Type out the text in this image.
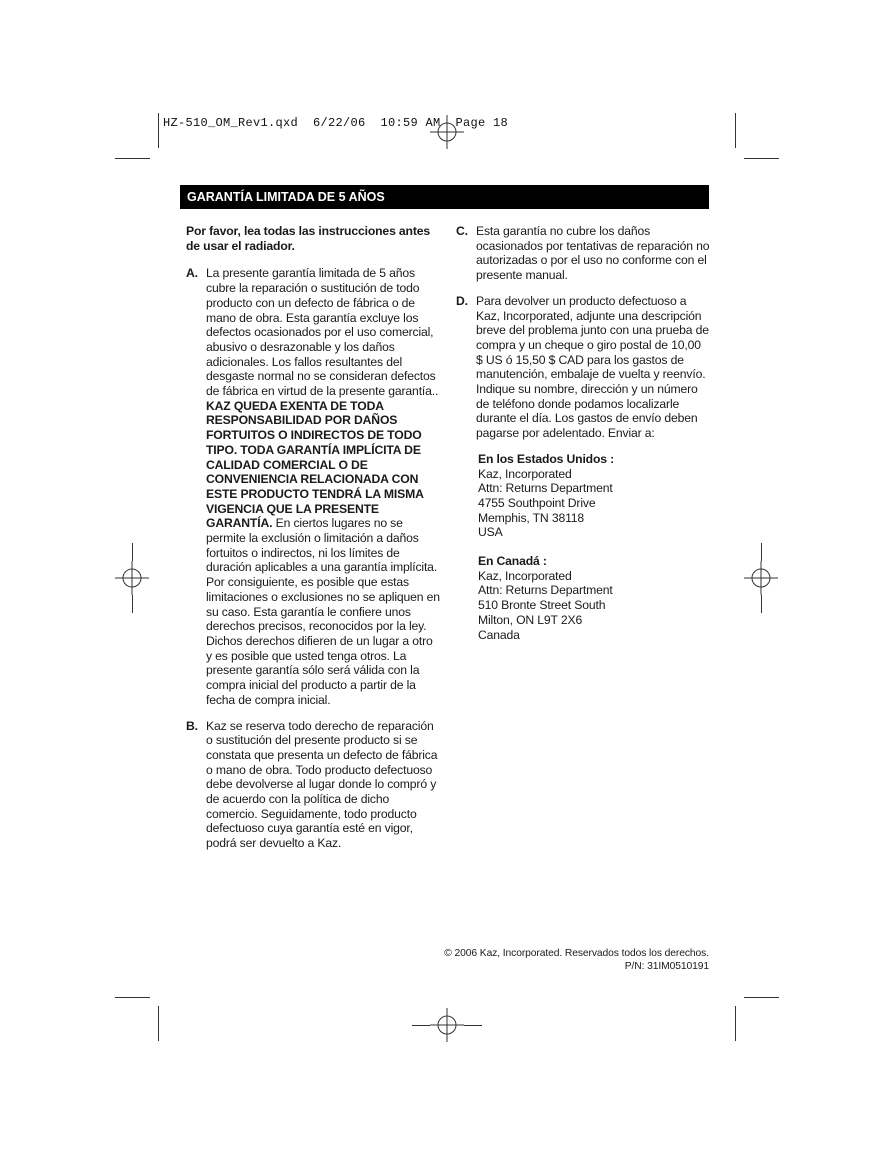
HZ-510_OM_Rev1.qxd  6/22/06  10:59 AM  Page 18
GARANTÍA LIMITADA DE 5 AÑOS

Por favor, lea todas las instrucciones antes de usar el radiador.

A. La presente garantía limitada de 5 años cubre la reparación o sustitución de todo producto con un defecto de fábrica o de mano de obra. Esta garantía excluye los defectos ocasionados por el uso comercial, abusivo o desrazonable y los daños adicionales. Los fallos resultantes del desgaste normal no se consideran defectos de fábrica en virtud de la presente garantía.. KAZ QUEDA EXENTA DE TODA RESPONSABILIDAD POR DAÑOS FORTUITOS O INDIRECTOS DE TODO TIPO. TODA GARANTÍA IMPLÍCITA DE CALIDAD COMERCIAL O DE CONVENIENCIA RELACIONADA CON ESTE PRODUCTO TENDRÁ LA MISMA VIGENCIA QUE LA PRESENTE GARANTÍA. En ciertos lugares no se permite la exclusión o limitación a daños fortuitos o indirectos, ni los límites de duración aplicables a una garantía implícita. Por consiguiente, es posible que estas limitaciones o exclusiones no se apliquen en su caso. Esta garantía le confiere unos derechos precisos, reconocidos por la ley. Dichos derechos difieren de un lugar a otro y es posible que usted tenga otros. La presente garantía sólo será válida con la compra inicial del producto a partir de la fecha de compra inicial.
B. Kaz se reserva todo derecho de reparación o sustitución del presente producto si se constata que presenta un defecto de fábrica o mano de obra. Todo producto defectuoso debe devolverse al lugar donde lo compró y de acuerdo con la política de dicho comercio. Seguidamente, todo producto defectuoso cuya garantía esté en vigor, podrá ser devuelto a Kaz.
C. Esta garantía no cubre los daños ocasionados por tentativas de reparación no autorizadas o por el uso no conforme con el presente manual.
D. Para devolver un producto defectuoso a Kaz, Incorporated, adjunte una descripción breve del problema junto con una prueba de compra y un cheque o giro postal de 10,00 $ US ó 15,50 $ CAD para los gastos de manutención, embalaje de vuelta y reenvío. Indique su nombre, dirección y un número de teléfono donde podamos localizarle durante el día. Los gastos de envío deben pagarse por adelentado. Enviar a:
En los Estados Unidos :
Kaz, Incorporated
Attn: Returns Department
4755 Southpoint Drive
Memphis, TN 38118
USA
En Canadá :
Kaz, Incorporated
Attn: Returns Department
510 Bronte Street South
Milton, ON L9T 2X6
Canada
© 2006 Kaz, Incorporated. Reservados todos los derechos.
P/N: 31IM0510191
